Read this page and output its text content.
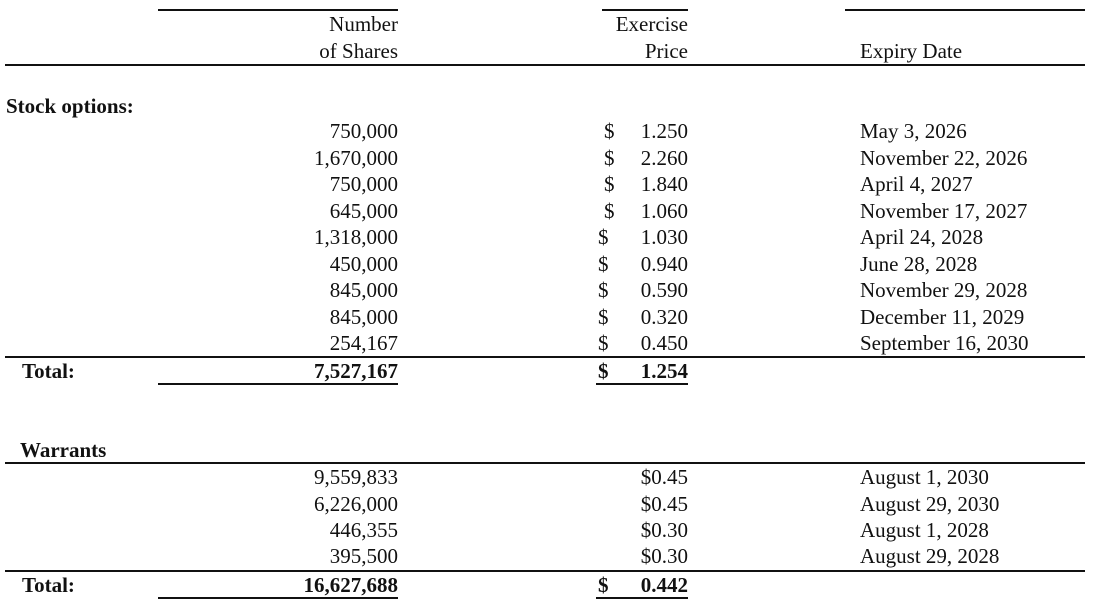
Number
of Shares
Exercise
Price	Expiry Date
Stock options:
750,000	$ 1.250	May 3, 2026
1,670,000	$ 2.260	November 22, 2026
750,000	$ 1.840	April 4, 2027
645,000	$ 1.060	November 17, 2027
1,318,000	$ 1.030	April 24, 2028
450,000	$ 0.940	June 28, 2028
845,000	$ 0.590	November 29, 2028
845,000	$ 0.320	December 11, 2029
254,167	$ 0.450	September 16, 2030
Total:	7,527,167	$ 1.254
Warrants
9,559,833	$0.45	August 1, 2030
6,226,000	$0.45	August 29, 2030
446,355	$0.30	August 1, 2028
395,500	$0.30	August 29, 2028
Total:	16,627,688	$ 0.442
